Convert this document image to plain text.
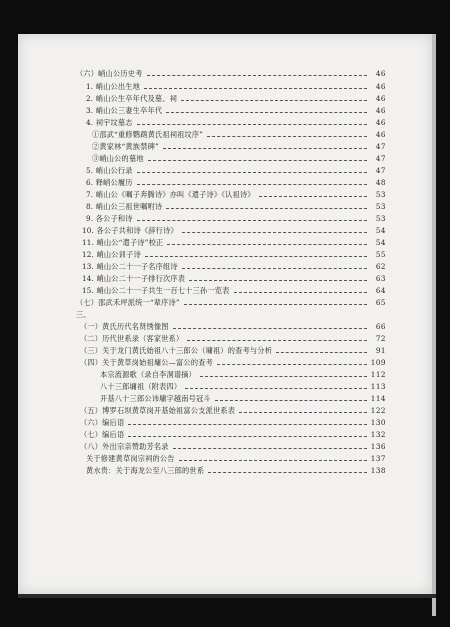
（六）峭山公历史考	46
1. 峭山公出生地	46
2. 峭山公生卒年代及墓、祠	46
3. 峭山公三妻生卒年代	46
4. 祠宇坟墓志	46
①邵武“重修鹦鹉黄氏祖祠祖坟序”	46
②黄家林“黄族禁碑”	47
③峭山公的墓地	47
5. 峭山公行录	47
6. 释峭公履历	48
7. 峭山公《嘱子奔腾诗》亦叫《遣子诗》《认祖诗》	53
8. 峭山公三祖世嘱咐诗	53
9. 各公子和诗	53
10. 各公子共和诗《辞行诗》	54
11. 峭山公“遣子诗”校正	54
12. 峭山公训子诗	55
13. 峭山公二十一子名序组诗	62
14. 峭山公二十一子排行次序表	63
15. 峭山公二十一子共生一百七十三孙一览表	64
（七）邵武禾坪派统一“辈序诗”	65
三、
（一）黄氏历代名贤绣像图	66
（二）历代世系录（客家世系）	72
（三）关于龙门黄氏始祖八十三郎公（墉祖）的查考与分析	91
（四）关于黄草岗始祖墉公—富公的查考	109
本宗流源歌（录自李洞谱摘）	112
八十三郎墉祖（附表四）	113
开基八十三郎公讳墉字越南号冠斗	114
（五）博罗石坝黄草岗开基始祖富公支派世系表	122
（六）编后语	130
（七）编后语	132
（八）外出宗亲赞助芳名录	136
关于修建黄草岗宗祠的公告	137
黄水贵：关于海龙公至八三郎的世系	138
